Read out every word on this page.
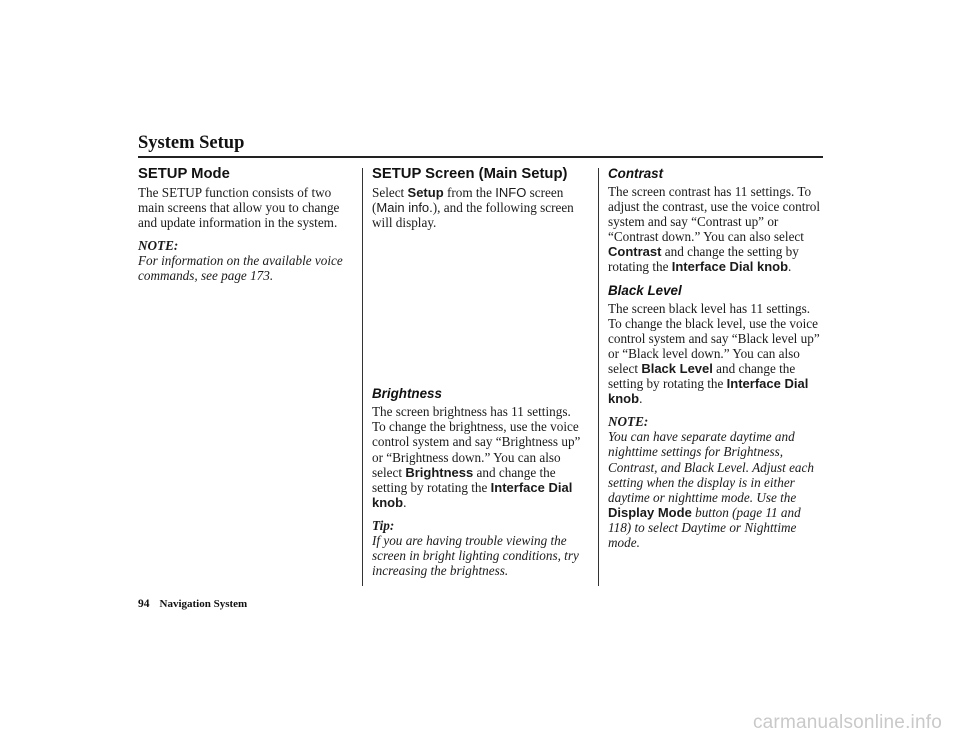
System Setup
SETUP Mode

The SETUP function consists of two main screens that allow you to change and update information in the system.

NOTE:

For information on the available voice commands, see page 173.

SETUP Screen (Main Setup)

Select Setup from the INFO screen (Main info.), and the following screen will display.

Brightness

The screen brightness has 11 settings. To change the brightness, use the voice control system and say “Brightness up” or “Brightness down.” You can also select Brightness and change the setting by rotating the Interface Dial knob.

Tip:

If you are having trouble viewing the screen in bright lighting conditions, try increasing the brightness.

Contrast

The screen contrast has 11 settings. To adjust the contrast, use the voice control system and say “Contrast up” or “Contrast down.” You can also select Contrast and change the setting by rotating the Interface Dial knob.

Black Level

The screen black level has 11 settings. To change the black level, use the voice control system and say “Black level up” or “Black level down.” You can also select Black Level and change the setting by rotating the Interface Dial knob.

NOTE:

You can have separate daytime and nighttime settings for Brightness, Contrast, and Black Level. Adjust each setting when the display is in either daytime or nighttime mode. Use the Display Mode button (page 11 and 118) to select Daytime or Nighttime mode.

94 Navigation System
carmanualsonline.info
